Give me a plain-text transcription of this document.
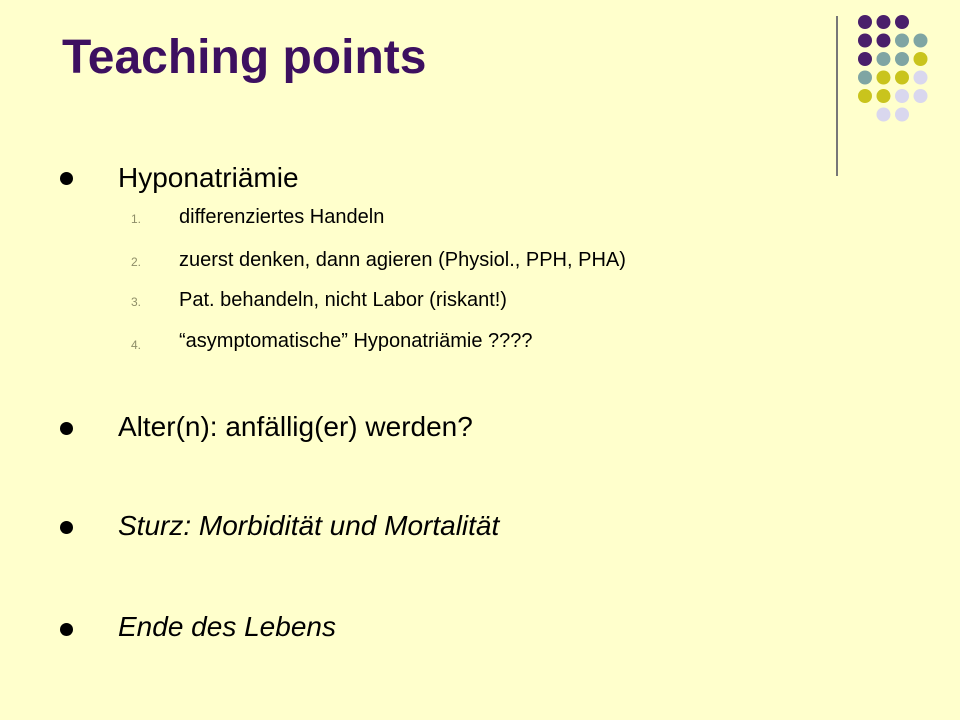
Teaching points
Hyponatriämie
1. differenziertes Handeln
2. zuerst denken, dann agieren (Physiol., PPH, PHA)
3. Pat. behandeln, nicht Labor (riskant!)
4. “asymptomatische” Hyponatriämie ????
Alter(n): anfällig(er) werden?
Sturz: Morbidität und Mortalität
Ende des Lebens
